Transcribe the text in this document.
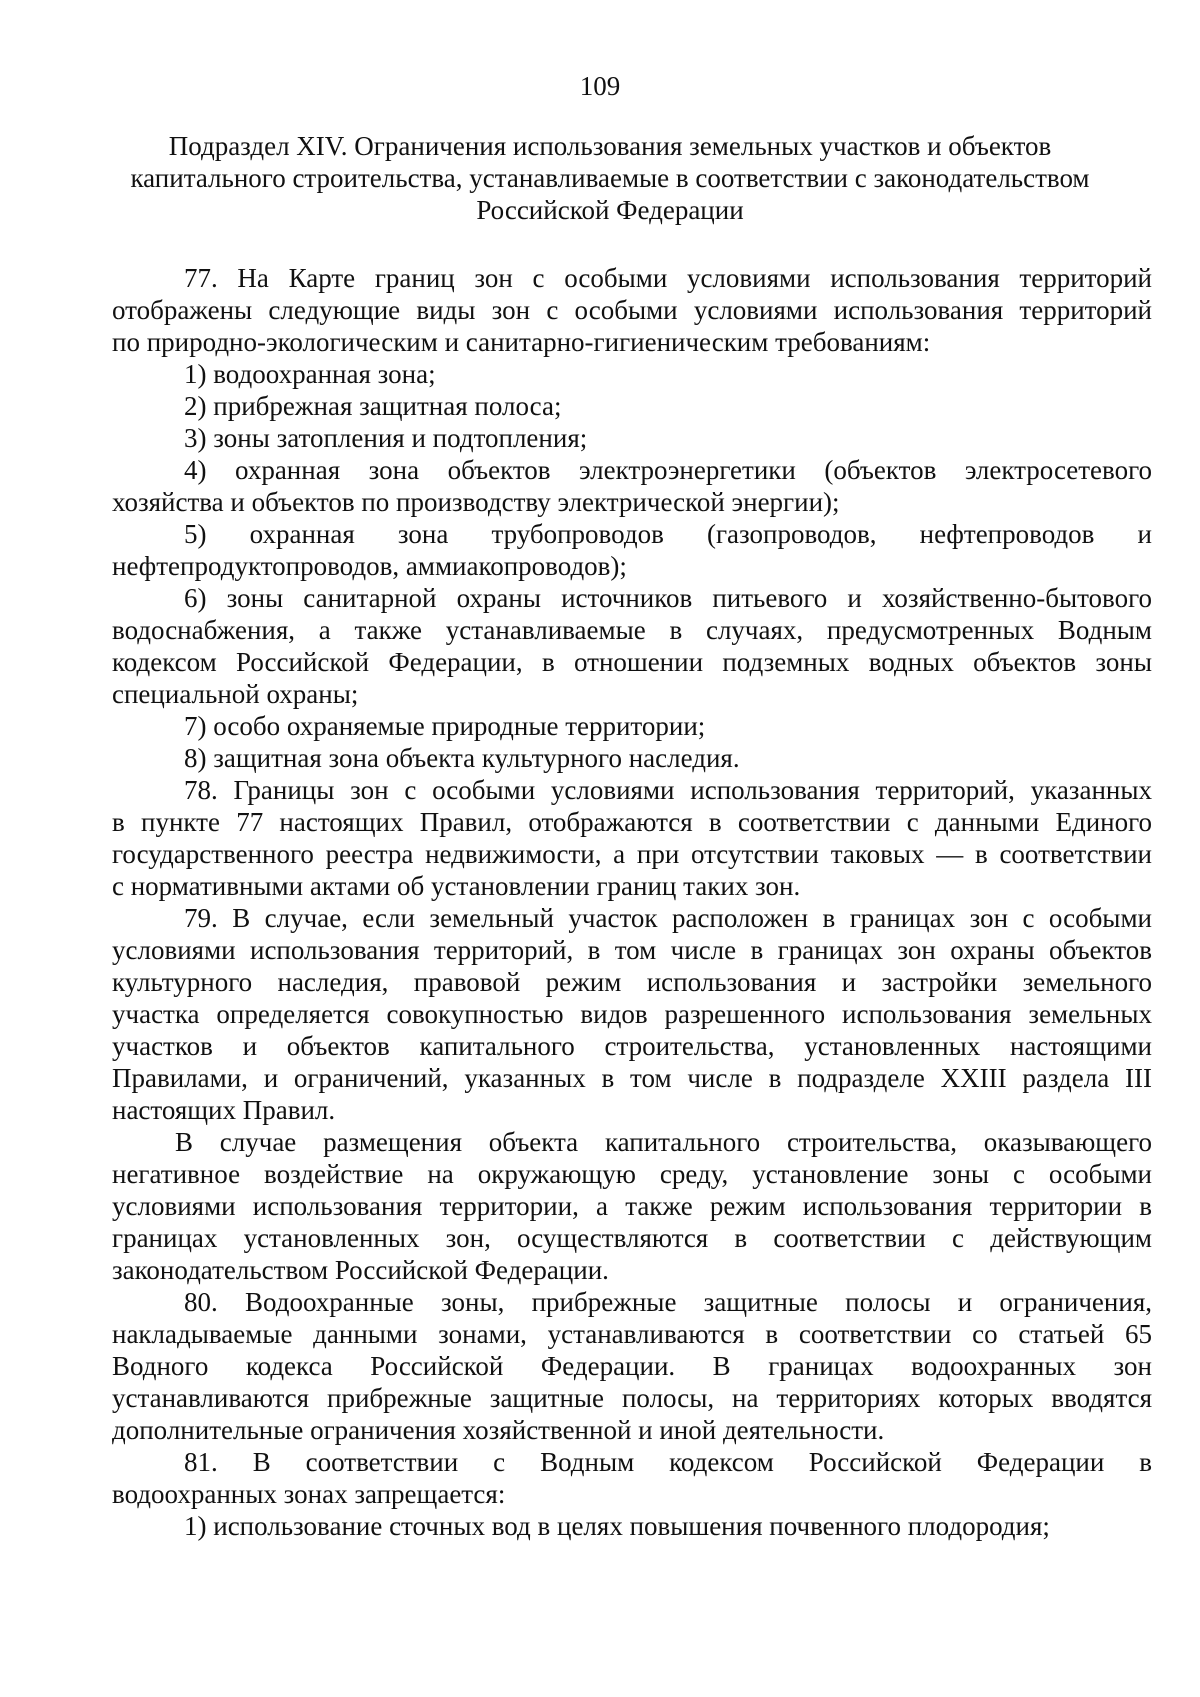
109
Подраздел XIV. Ограничения использования земельных участков и объектов
капитального строительства, устанавливаемые в соответствии с законодательством
Российской Федерации
77. На Карте границ зон с особыми условиями использования территорий
отображены следующие виды зон с особыми условиями использования территорий
по природно-экологическим и санитарно-гигиеническим требованиям:
1) водоохранная зона;
2) прибрежная защитная полоса;
3) зоны затопления и подтопления;
4) охранная зона объектов электроэнергетики (объектов электросетевого
хозяйства и объектов по производству электрической энергии);
5) охранная зона трубопроводов (газопроводов, нефтепроводов и
нефтепродуктопроводов, аммиакопроводов);
6) зоны санитарной охраны источников питьевого и хозяйственно-бытового
водоснабжения, а также устанавливаемые в случаях, предусмотренных Водным
кодексом Российской Федерации, в отношении подземных водных объектов зоны
специальной охраны;
7) особо охраняемые природные территории;
8) защитная зона объекта культурного наследия.
78. Границы зон с особыми условиями использования территорий, указанных
в пункте 77 настоящих Правил, отображаются в соответствии с данными Единого
государственного реестра недвижимости, а при отсутствии таковых — в соответствии
с нормативными актами об установлении границ таких зон.
79. В случае, если земельный участок расположен в границах зон с особыми
условиями использования территорий, в том числе в границах зон охраны объектов
культурного наследия, правовой режим использования и застройки земельного
участка определяется совокупностью видов разрешенного использования земельных
участков и объектов капитального строительства, установленных настоящими
Правилами, и ограничений, указанных в том числе в подразделе XXIII раздела III
настоящих Правил.
В случае размещения объекта капитального строительства, оказывающего
негативное воздействие на окружающую среду, установление зоны с особыми
условиями использования территории, а также режим использования территории в
границах установленных зон, осуществляются в соответствии с действующим
законодательством Российской Федерации.
80. Водоохранные зоны, прибрежные защитные полосы и ограничения,
накладываемые данными зонами, устанавливаются в соответствии со статьей 65
Водного кодекса Российской Федерации. В границах водоохранных зон
устанавливаются прибрежные защитные полосы, на территориях которых вводятся
дополнительные ограничения хозяйственной и иной деятельности.
81. В соответствии с Водным кодексом Российской Федерации в
водоохранных зонах запрещается:
1) использование сточных вод в целях повышения почвенного плодородия;
